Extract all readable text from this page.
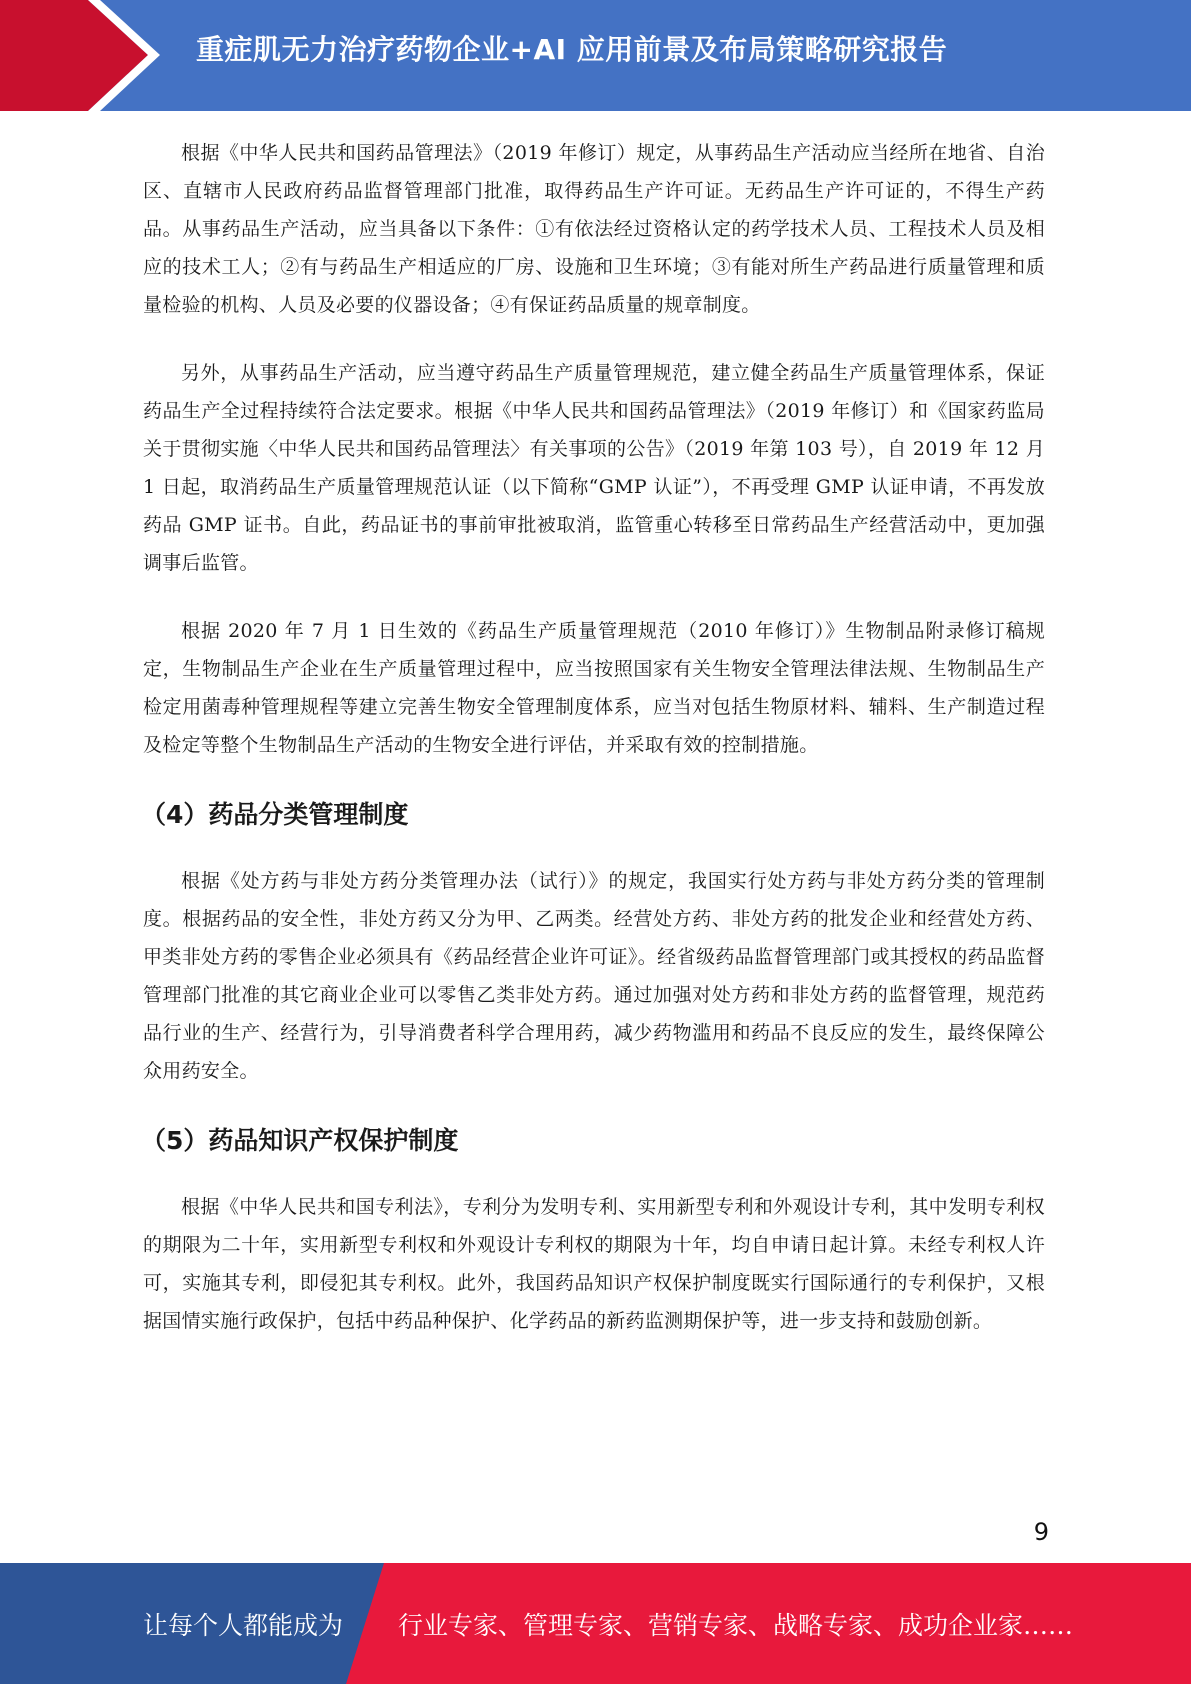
重症肌无力治疗药物企业+AI 应用前景及布局策略研究报告

根据《中华人民共和国药品管理法》（2019 年修订）规定，从事药品生产活动应当经所在地省、自治区、直辖市人民政府药品监督管理部门批准，取得药品生产许可证。无药品生产许可证的，不得生产药品。从事药品生产活动，应当具备以下条件：①有依法经过资格认定的药学技术人员、工程技术人员及相应的技术工人；②有与药品生产相适应的厂房、设施和卫生环境；③有能对所生产药品进行质量管理和质量检验的机构、人员及必要的仪器设备；④有保证药品质量的规章制度。

另外，从事药品生产活动，应当遵守药品生产质量管理规范，建立健全药品生产质量管理体系，保证药品生产全过程持续符合法定要求。根据《中华人民共和国药品管理法》（2019 年修订）和《国家药监局关于贯彻实施〈中华人民共和国药品管理法〉有关事项的公告》（2019 年第 103 号），自 2019 年 12 月 1 日起，取消药品生产质量管理规范认证（以下简称“GMP 认证”），不再受理 GMP 认证申请，不再发放药品 GMP 证书。自此，药品证书的事前审批被取消，监管重心转移至日常药品生产经营活动中，更加强调事后监管。

根据 2020 年 7 月 1 日生效的《药品生产质量管理规范（2010 年修订）》生物制品附录修订稿规定，生物制品生产企业在生产质量管理过程中，应当按照国家有关生物安全管理法律法规、生物制品生产检定用菌毒种管理规程等建立完善生物安全管理制度体系，应当对包括生物原材料、辅料、生产制造过程及检定等整个生物制品生产活动的生物安全进行评估，并采取有效的控制措施。

（4）药品分类管理制度

根据《处方药与非处方药分类管理办法（试行）》的规定，我国实行处方药与非处方药分类的管理制度。根据药品的安全性，非处方药又分为甲、乙两类。经营处方药、非处方药的批发企业和经营处方药、甲类非处方药的零售企业必须具有《药品经营企业许可证》。经省级药品监督管理部门或其授权的药品监督管理部门批准的其它商业企业可以零售乙类非处方药。通过加强对处方药和非处方药的监督管理，规范药品行业的生产、经营行为，引导消费者科学合理用药，减少药物滥用和药品不良反应的发生，最终保障公众用药安全。

（5）药品知识产权保护制度

根据《中华人民共和国专利法》，专利分为发明专利、实用新型专利和外观设计专利，其中发明专利权的期限为二十年，实用新型专利权和外观设计专利权的期限为十年，均自申请日起计算。未经专利权人许可，实施其专利，即侵犯其专利权。此外，我国药品知识产权保护制度既实行国际通行的专利保护，又根据国情实施行政保护，包括中药品种保护、化学药品的新药监测期保护等，进一步支持和鼓励创新。

9
让每个人都能成为 行业专家、管理专家、营销专家、战略专家、成功企业家……
